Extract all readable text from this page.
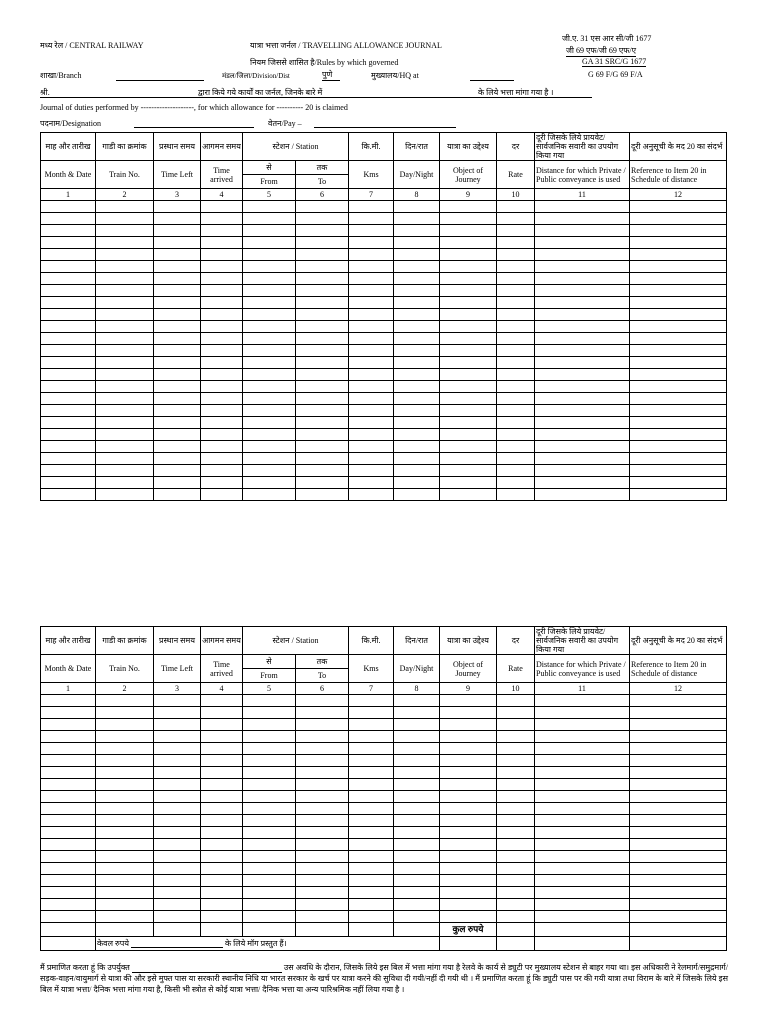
मध्य रेल / CENTRAL RAILWAY	यात्रा भत्ता जर्नल / TRAVELLING ALLOWANCE JOURNAL
जी.ए. 31 एस आर सी/जी 1677
जी 69 एफ/जी 69 एफ/ए
नियम जिससे शासित है/Rules by which governed	GA 31 SRC/G 1677
G 69 F/G 69 F/A
शाखा/Branch	मंडल/जिला/Division/Dist	पुणे	मुख्यालय/HQ at
श्री.	द्वारा किये गये कार्यों का जर्नल, जिनके बारे में	के लिये भत्ता मांगा गया है ।
Journal of duties performed by --------------------, for which allowance for ---------- 20 is claimed
पदनाम/Designation	वेतन/Pay –
माह और तारीख	गाडी का क्रमांक	प्रस्थान समय	आगमन समय	स्टेशन / Station		कि.मी.	दिन/रात	यात्रा का उद्देश्य	दर	दूरी जिसके लिये प्रायवेट/ सार्वजनिक सवारी का उपयोग किया गया	दूरी अनुसूची के मद 20 का संदर्भ
Month & Date	Train No.	Time Left	Time arrived	से	तक	Kms	Day/Night	Object of Journey	Rate	Distance for which Private / Public conveyance is used	Reference to Item 20 in Schedule of distance
				From	To						
1	2	3	4	5	6	7	8	9	10	11	12

माह और तारीख	गाडी का क्रमांक	प्रस्थान समय	आगमन समय	स्टेशन / Station		कि.मी.	दिन/रात	यात्रा का उद्देश्य	दर	दूरी जिसके लिये प्रायवेट/ सार्वजनिक सवारी का उपयोग किया गया	दूरी अनुसूची के मद 20 का संदर्भ
Month & Date	Train No.	Time Left	Time arrived	से	तक	Kms	Day/Night	Object of Journey	Rate	Distance for which Private / Public conveyance is used	Reference to Item 20 in Schedule of distance
				From	To						
1	2	3	4	5	6	7	8	9	10	11	12

								कुल रुपये			
	केवल रुपये के लिये मॉग प्रस्तुत हैं।										
मैं प्रमाणित करता हूं कि उपर्युक्त	उस अवधि के दौरान, जिसके लिये इस बिल में भत्ता मांगा गया है रेलवे के कार्य से ड्युटी पर मुख्यालय स्टेशन से बाहर गया था। इस अधिकारी ने रेलमार्ग/समुद्रमार्ग/सड़क-वाहन/वायुमार्ग से यात्रा की और इसे मुफ्त पास या सरकारी स्थानीय निधि या भारत सरकार के खर्च पर यात्रा करने की सुविधा दी गयी/नहीं दी गयी थी । मैं प्रमाणित करता हूं कि ड्युटी पास पर की गयी यात्रा तथा विराम के बारे में जिसके लिये इस बिल में यात्रा भत्ता/ दैनिक भत्ता मांगा गया है, किसी भी स्त्रोत से कोई यात्रा भत्ता/ दैनिक भत्ता या अन्य पारिश्रमिक नहीं लिया गया है ।
